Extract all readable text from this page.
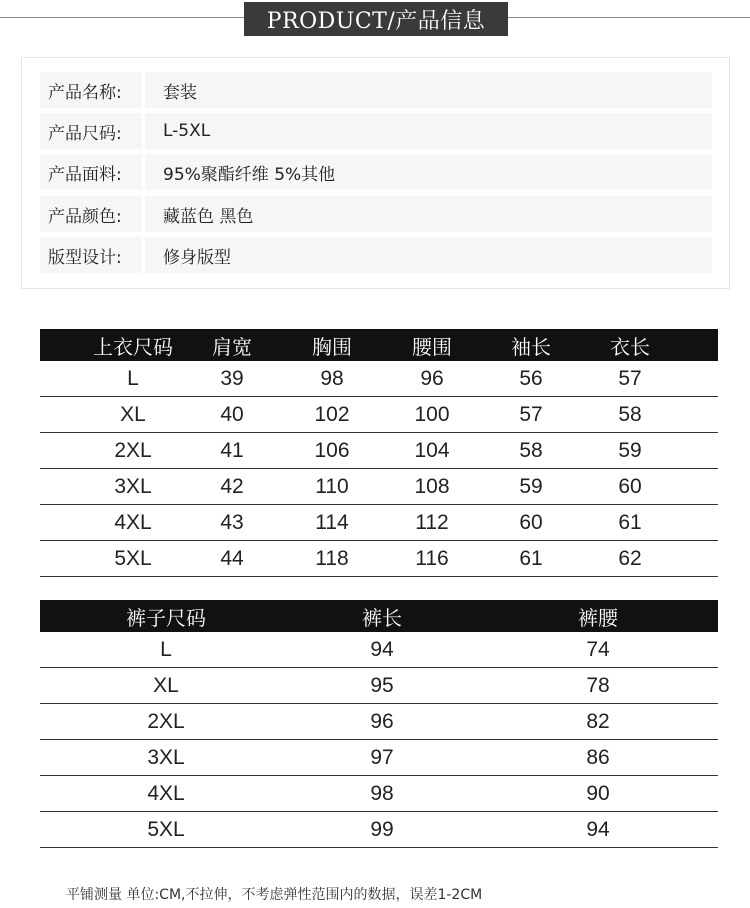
PRODUCT/产品信息
产品名称:	套装
产品尺码:	L-5XL
产品面料:	95%聚酯纤维 5%其他
产品颜色:	藏蓝色 黑色
版型设计:	修身版型
上衣尺码	肩宽	胸围	腰围	袖长	衣长
L	39	98	96	56	57
XL	40	102	100	57	58
2XL	41	106	104	58	59
3XL	42	110	108	59	60
4XL	43	114	112	60	61
5XL	44	118	116	61	62
裤子尺码	裤长	裤腰
L	94	74
XL	95	78
2XL	96	82
3XL	97	86
4XL	98	90
5XL	99	94
平铺测量 单位:CM,不拉伸，不考虑弹性范围内的数据，误差1-2CM
